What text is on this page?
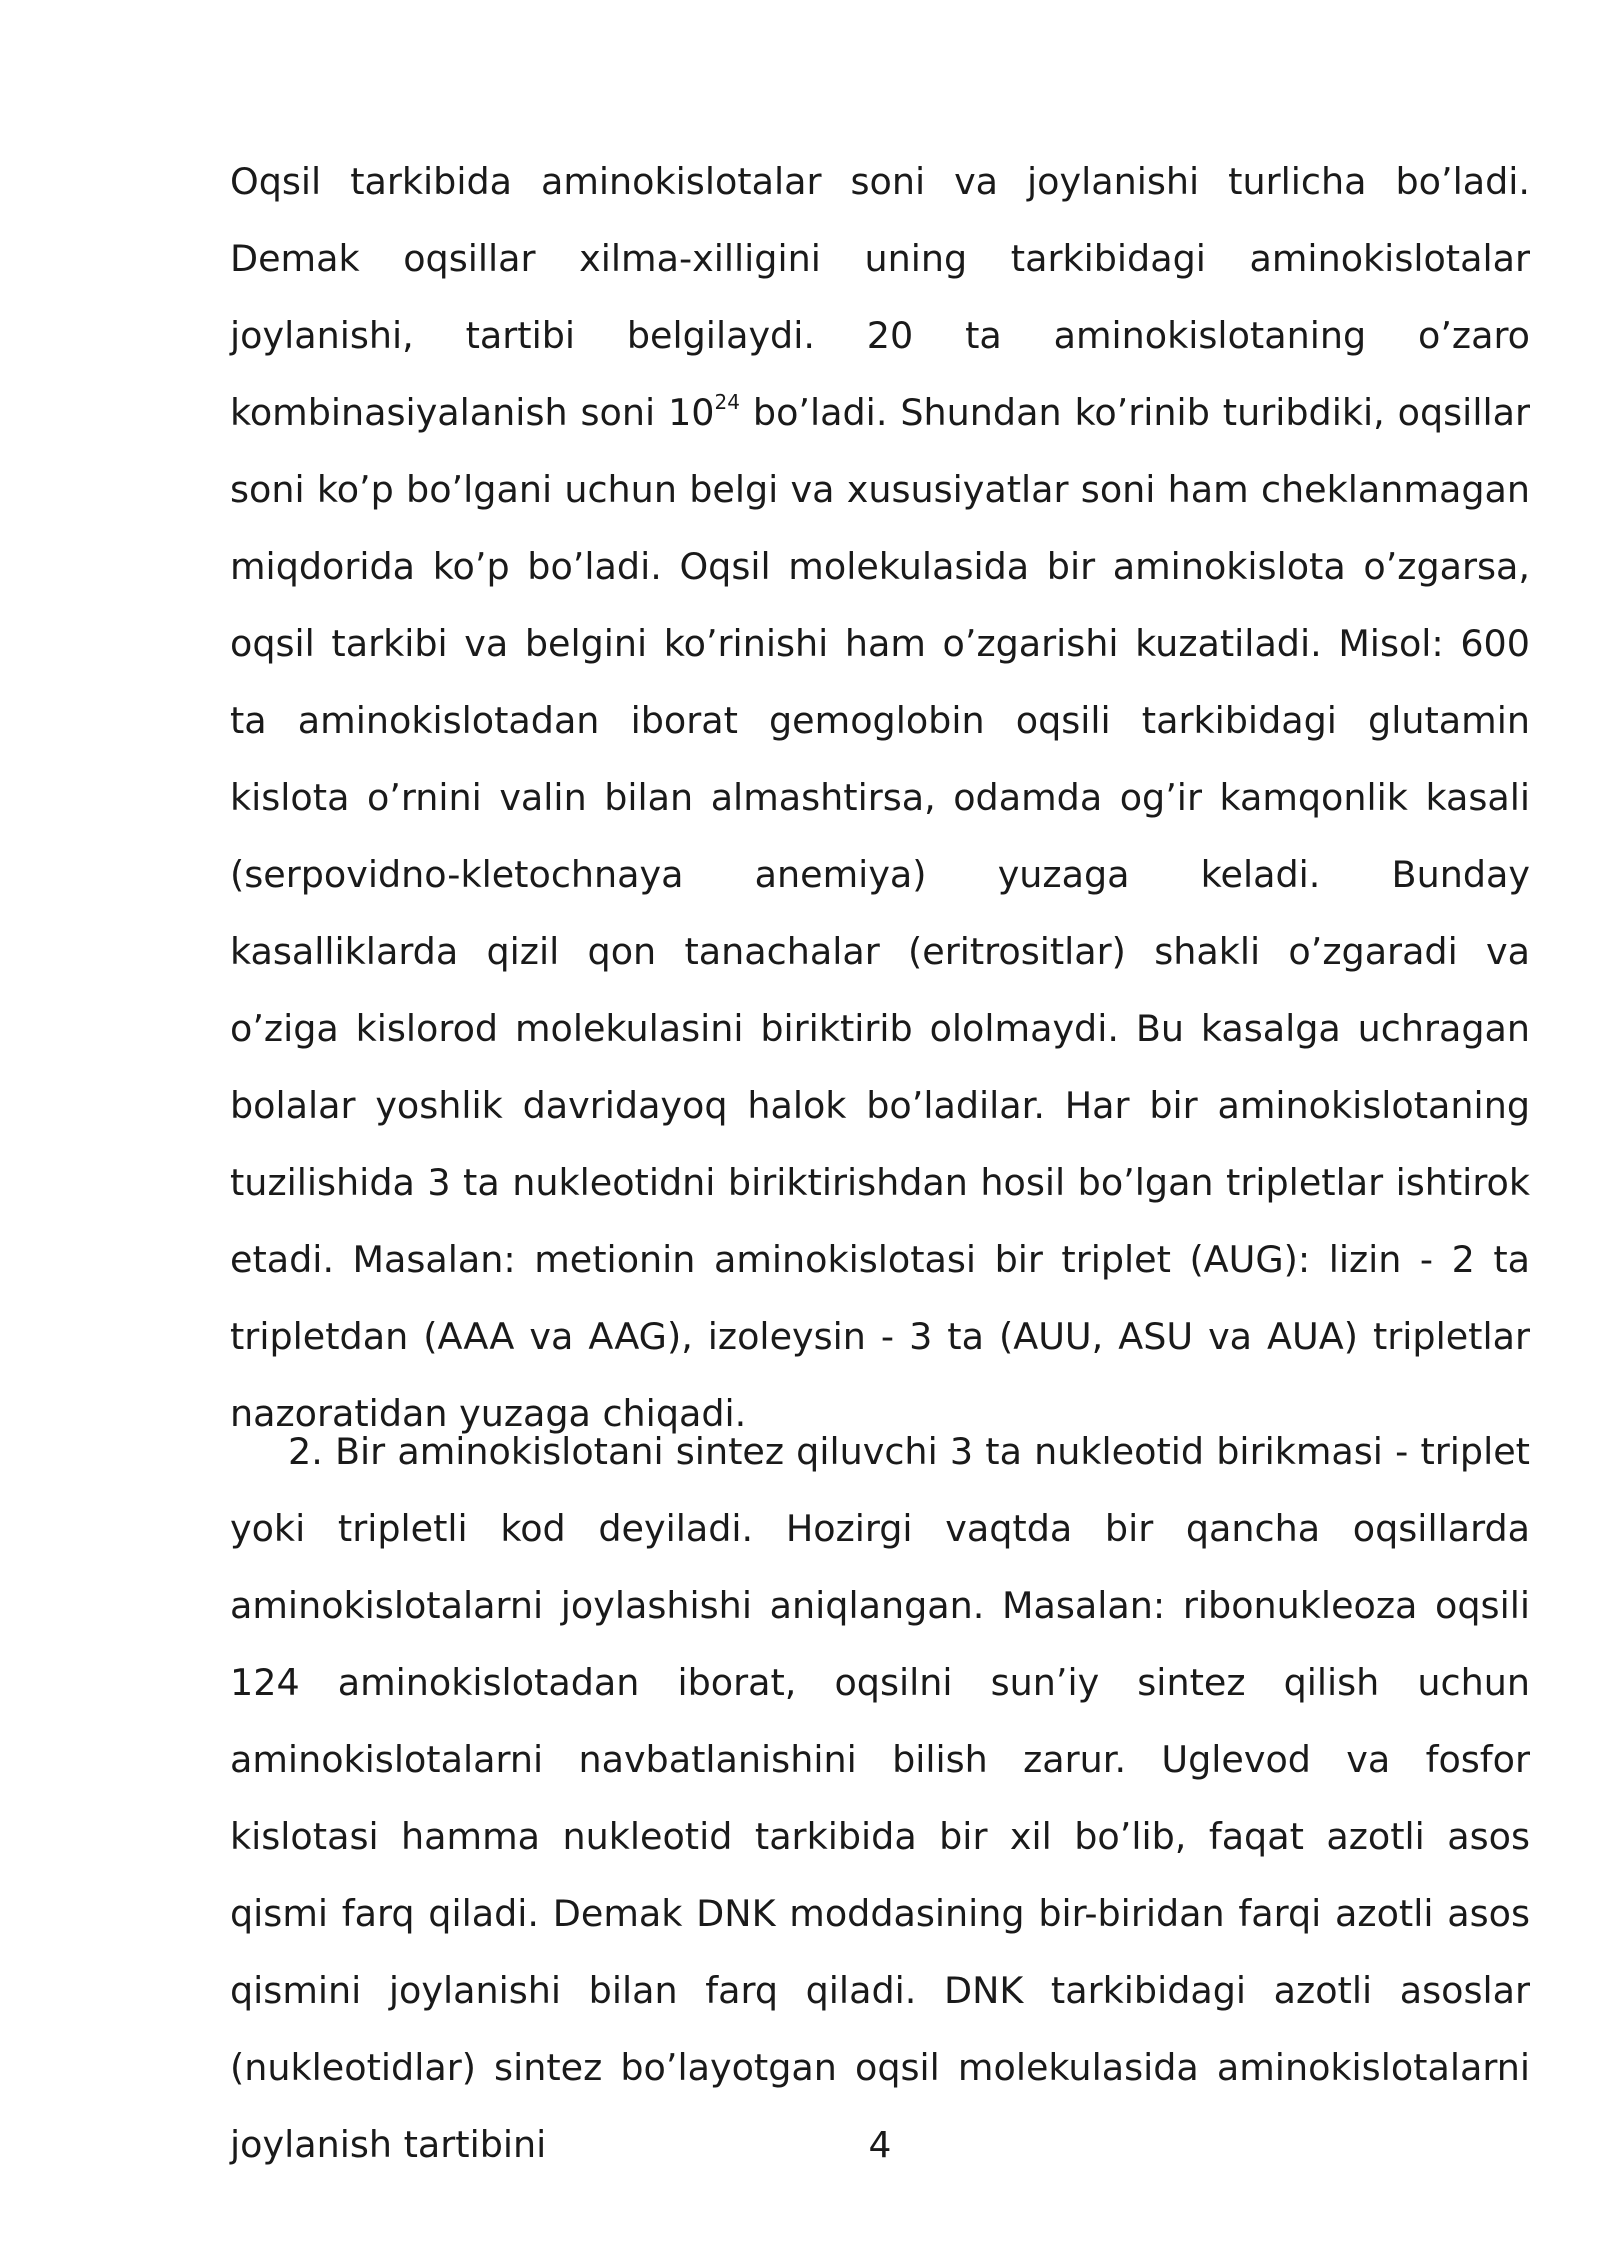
Oqsil tarkibida aminokislotalar soni va joylanishi turlicha bo’ladi. Demak oqsillar xilma-xilligini uning tarkibidagi aminokislotalar joylanishi, tartibi belgilaydi. 20 ta aminokislotaning o’zaro kombinasiyalanish soni $10^{24}$ bo’ladi. Shundan ko’rinib turibdiki, oqsillar soni ko’p bo’lgani uchun belgi va xususiyatlar soni ham cheklanmagan miqdorida ko’p bo’ladi. Oqsil molekulasida bir aminokislota o’zgarsa, oqsil tarkibi va belgini ko’rinishi ham o’zgarishi kuzatiladi. Misol: 600 ta aminokislotadan iborat gemoglobin oqsili tarkibidagi glutamin kislota o’rnini valin bilan almashtirsa, odamda og’ir kamqonlik kasali (serpovidno-kletochnaya anemiya) yuzaga keladi. Bunday kasalliklarda qizil qon tanachalar (eritrositlar) shakli o’zgaradi va o’ziga kislorod molekulasini biriktirib ololmaydi. Bu kasalga uchragan bolalar yoshlik davridayoq halok bo’ladilar. Har bir aminokislotaning tuzilishida 3 ta nukleotidni biriktirishdan hosil bo’lgan tripletlar ishtirok etadi. Masalan: metionin aminokislotasi bir triplet (AUG): lizin - 2 ta tripletdan (AAA va AAG), izoleysin - 3 ta (AUU, ASU va AUA) tripletlar nazoratidan yuzaga chiqadi.

2. Bir aminokislotani sintez qiluvchi 3 ta nukleotid birikmasi - triplet yoki tripletli kod deyiladi. Hozirgi vaqtda bir qancha oqsillarda aminokislotalarni joylashishi aniqlangan. Masalan: ribonukleoza oqsili 124 aminokislotadan iborat, oqsilni sun’iy sintez qilish uchun aminokislotalarni navbatlanishini bilish zarur. Uglevod va fosfor kislotasi hamma nukleotid tarkibida bir xil bo’lib, faqat azotli asos qismi farq qiladi. Demak DNK moddasining bir-biridan farqi azotli asos qismini joylanishi bilan farq qiladi. DNK tarkibidagi azotli asoslar (nukleotidlar) sintez bo’layotgan oqsil molekulasida aminokislotalarni joylanish tartibini	4
